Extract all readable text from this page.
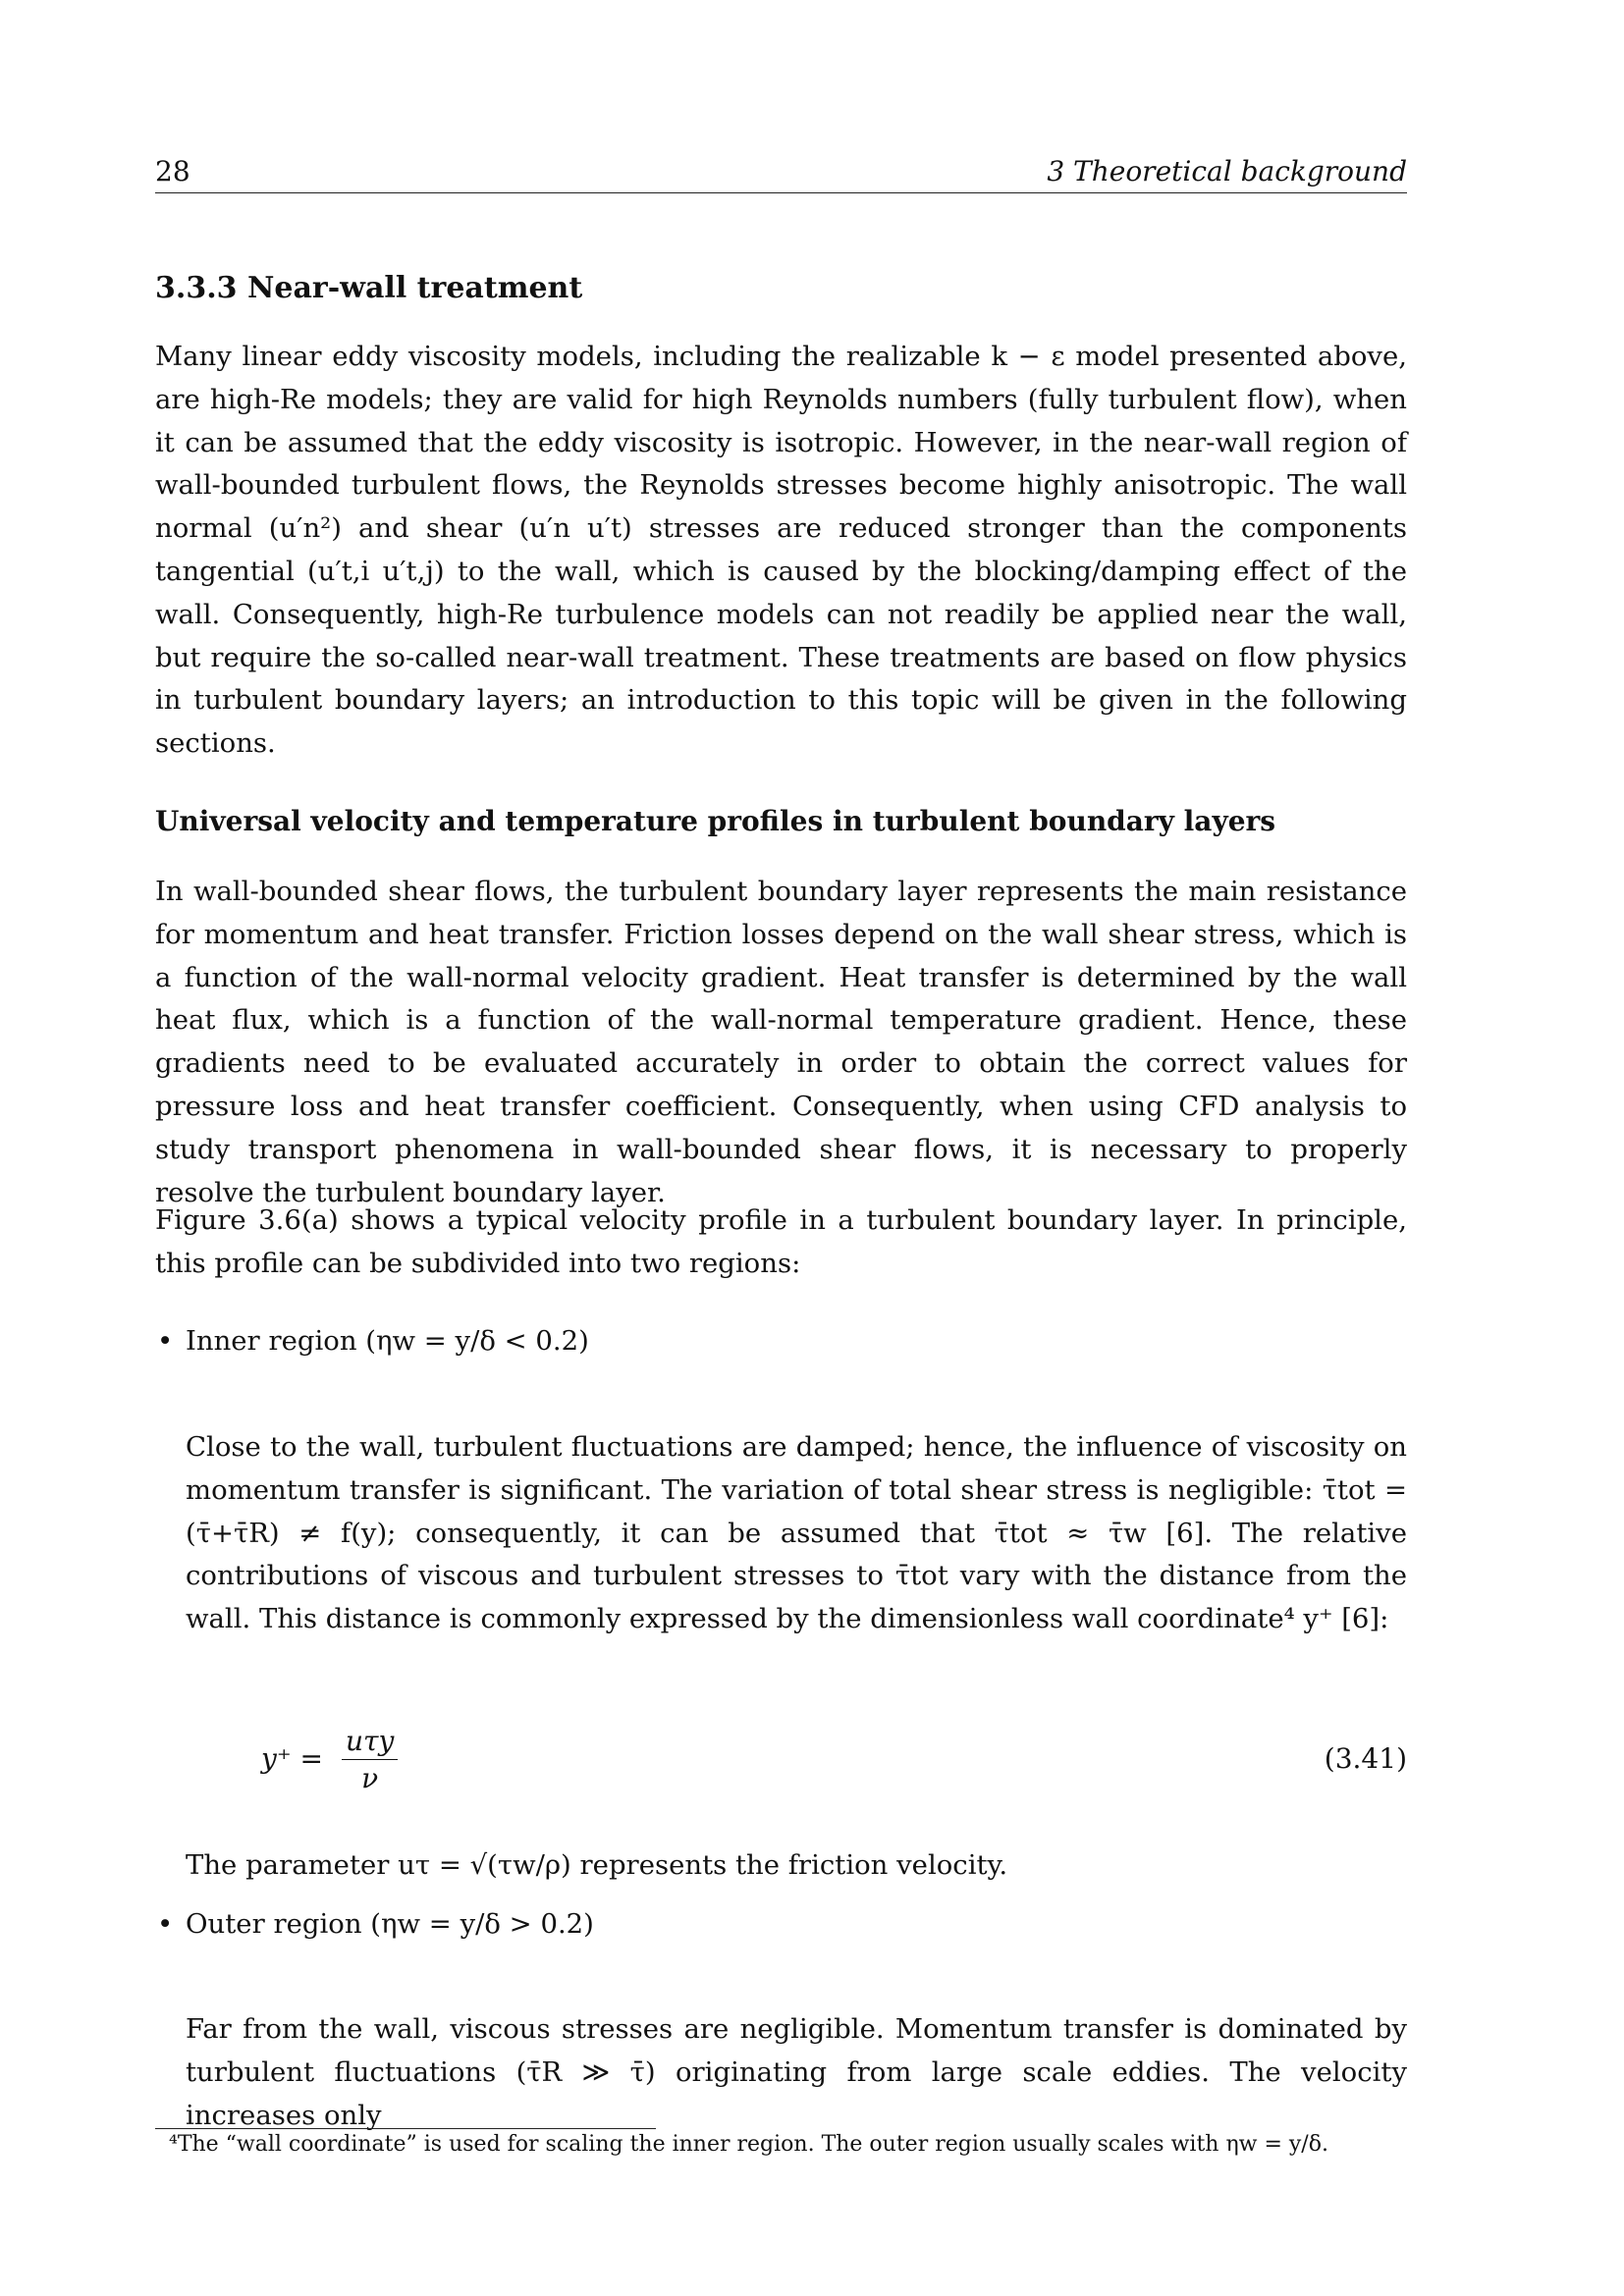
28	3 Theoretical background
3.3.3 Near-wall treatment

Many linear eddy viscosity models, including the realizable k − ε model presented above, are high-Re models; they are valid for high Reynolds numbers (fully turbulent flow), when it can be assumed that the eddy viscosity is isotropic. However, in the near-wall region of wall-bounded turbulent flows, the Reynolds stresses become highly anisotropic. The wall normal (u′n²) and shear (u′n u′t) stresses are reduced stronger than the components tangential (u′t,i u′t,j) to the wall, which is caused by the blocking/damping effect of the wall. Consequently, high-Re turbulence models can not readily be applied near the wall, but require the so-called near-wall treatment. These treatments are based on flow physics in turbulent boundary layers; an introduction to this topic will be given in the following sections.

Universal velocity and temperature profiles in turbulent boundary layers

In wall-bounded shear flows, the turbulent boundary layer represents the main resistance for momentum and heat transfer. Friction losses depend on the wall shear stress, which is a function of the wall-normal velocity gradient. Heat transfer is determined by the wall heat flux, which is a function of the wall-normal temperature gradient. Hence, these gradients need to be evaluated accurately in order to obtain the correct values for pressure loss and heat transfer coefficient. Consequently, when using CFD analysis to study transport phenomena in wall-bounded shear flows, it is necessary to properly resolve the turbulent boundary layer.

Figure 3.6(a) shows a typical velocity profile in a turbulent boundary layer. In principle, this profile can be subdivided into two regions:

• Inner region (ηw = y/δ < 0.2)

Close to the wall, turbulent fluctuations are damped; hence, the influence of viscosity on momentum transfer is significant. The variation of total shear stress is negligible: τ̄tot = (τ̄+τ̄R) ≠ f(y); consequently, it can be assumed that τ̄tot ≈ τ̄w [6]. The relative contributions of viscous and turbulent stresses to τ̄tot vary with the distance from the wall. This distance is commonly expressed by the dimensionless wall coordinate⁴ y⁺ [6]:

y⁺ =
uτy
ν
(3.41)

The parameter uτ = √(τw/ρ) represents the friction velocity.

• Outer region (ηw = y/δ > 0.2)

Far from the wall, viscous stresses are negligible. Momentum transfer is dominated by turbulent fluctuations (τ̄R ≫ τ̄) originating from large scale eddies. The velocity increases only

⁴The “wall coordinate” is used for scaling the inner region. The outer region usually scales with ηw = y/δ.
